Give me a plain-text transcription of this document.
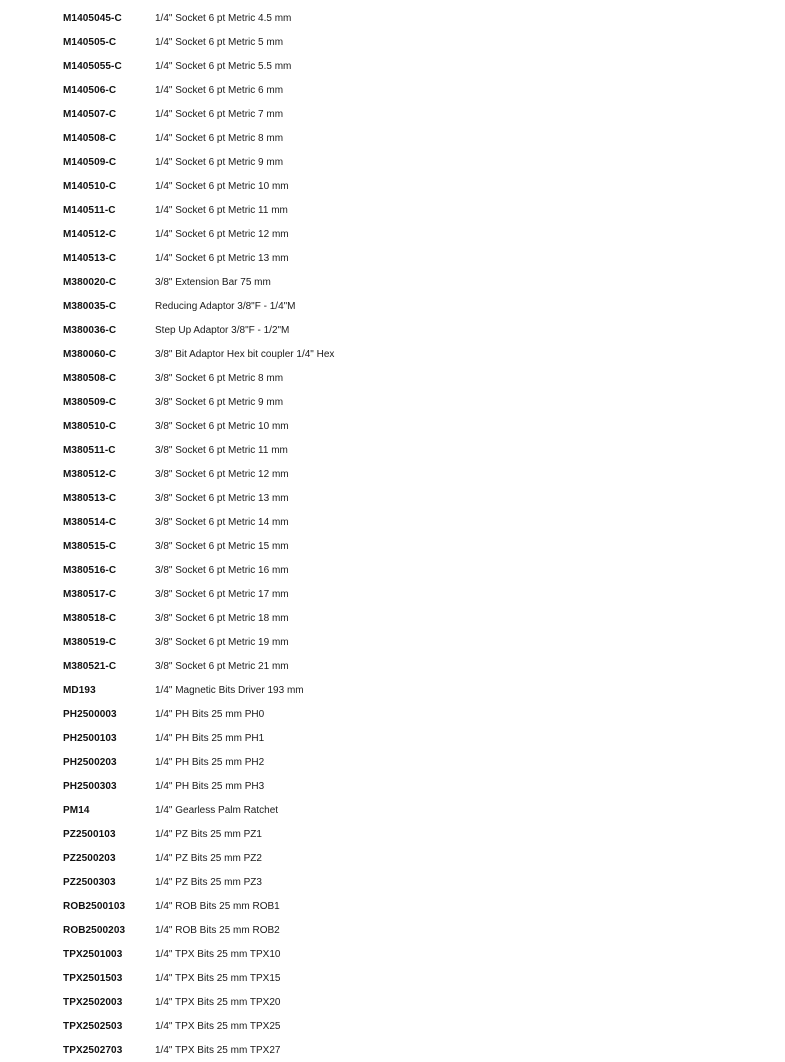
M1405045-C	1/4" Socket 6 pt Metric 4.5 mm
M140505-C	1/4" Socket 6 pt Metric 5 mm
M1405055-C	1/4" Socket 6 pt Metric 5.5 mm
M140506-C	1/4" Socket 6 pt Metric 6 mm
M140507-C	1/4" Socket 6 pt Metric 7 mm
M140508-C	1/4" Socket 6 pt Metric 8 mm
M140509-C	1/4" Socket 6 pt Metric 9 mm
M140510-C	1/4" Socket 6 pt Metric 10 mm
M140511-C	1/4" Socket 6 pt Metric 11 mm
M140512-C	1/4" Socket 6 pt Metric 12 mm
M140513-C	1/4" Socket 6 pt Metric 13 mm
M380020-C	3/8" Extension Bar 75 mm
M380035-C	Reducing Adaptor 3/8"F - 1/4"M
M380036-C	Step Up Adaptor 3/8"F - 1/2"M
M380060-C	3/8" Bit Adaptor Hex bit coupler 1/4" Hex
M380508-C	3/8" Socket 6 pt Metric 8 mm
M380509-C	3/8" Socket 6 pt Metric 9 mm
M380510-C	3/8" Socket 6 pt Metric 10 mm
M380511-C	3/8" Socket 6 pt Metric 11 mm
M380512-C	3/8" Socket 6 pt Metric 12 mm
M380513-C	3/8" Socket 6 pt Metric 13 mm
M380514-C	3/8" Socket 6 pt Metric 14 mm
M380515-C	3/8" Socket 6 pt Metric 15 mm
M380516-C	3/8" Socket 6 pt Metric 16 mm
M380517-C	3/8" Socket 6 pt Metric 17 mm
M380518-C	3/8" Socket 6 pt Metric 18 mm
M380519-C	3/8" Socket 6 pt Metric 19 mm
M380521-C	3/8" Socket 6 pt Metric 21 mm
MD193	1/4" Magnetic Bits Driver 193 mm
PH2500003	1/4" PH Bits 25 mm PH0
PH2500103	1/4" PH Bits 25 mm PH1
PH2500203	1/4" PH Bits 25 mm PH2
PH2500303	1/4" PH Bits 25 mm PH3
PM14	1/4" Gearless Palm Ratchet
PZ2500103	1/4" PZ Bits 25 mm PZ1
PZ2500203	1/4" PZ Bits 25 mm PZ2
PZ2500303	1/4" PZ Bits 25 mm PZ3
ROB2500103	1/4" ROB Bits 25 mm ROB1
ROB2500203	1/4" ROB Bits 25 mm ROB2
TPX2501003	1/4" TPX Bits 25 mm TPX10
TPX2501503	1/4" TPX Bits 25 mm TPX15
TPX2502003	1/4" TPX Bits 25 mm TPX20
TPX2502503	1/4" TPX Bits 25 mm TPX25
TPX2502703	1/4" TPX Bits 25 mm TPX27
